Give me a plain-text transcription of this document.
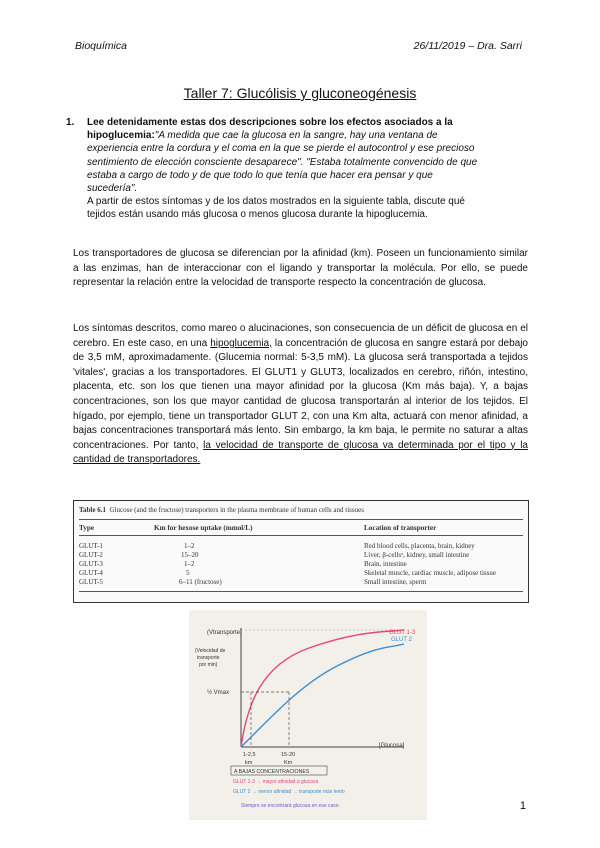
Bioquímica	26/11/2019 – Dra. Sarri
Taller 7: Glucólisis y gluconeogénesis
1. Lee detenidamente estas dos descripciones sobre los efectos asociados a la
hipoglucemia:"A medida que cae la glucosa en la sangre, hay una ventana de
experiencia entre la cordura y el coma en la que se pierde el autocontrol y ese precioso
sentimiento de elección consciente desaparece". "Estaba totalmente convencido de que
estaba a cargo de todo y de que todo lo que tenía que hacer era pensar y que
sucedería".
A partir de estos síntomas y de los datos mostrados en la siguiente tabla, discute qué
tejidos están usando más glucosa o menos glucosa durante la hipoglucemia.
Los transportadores de glucosa se diferencian por la afinidad (km). Poseen un funcionamiento similar a las enzimas, han de interaccionar con el ligando y transportar la molécula. Por ello, se puede representar la relación entre la velocidad de transporte respecto la concentración de glucosa.
Los síntomas descritos, como mareo o alucinaciones, son consecuencia de un déficit de glucosa en el cerebro. En este caso, en una hipoglucemia, la concentración de glucosa en sangre estará por debajo de 3,5 mM, aproximadamente. (Glucemia normal: 5-3,5 mM). La glucosa será transportada a tejidos 'vitales', gracias a los transportadores. El GLUT1 y GLUT3, localizados en cerebro, riñón, intestino, placenta, etc. son los que tienen una mayor afinidad por la glucosa (Km más baja). Y, a bajas concentraciones, son los que mayor cantidad de glucosa transportarán al interior de los tejidos. El hígado, por ejemplo, tiene un transportador GLUT 2, con una Km alta, actuará con menor afinidad, a bajas concentraciones transportará más lento. Sin embargo, la km baja, le permite no saturar a altas concentraciones. Por tanto, la velocidad de transporte de glucosa va determinada por el tipo y la cantidad de transportadores.
Table 6.1 Glucose (and the fructose) transporters in the plasma membrane of human cells and tissues
Type	Km for hexose uptake (mmol/L)	Location of transporter
GLUT-1	1–2	Red blood cells, placenta, brain, kidney
GLUT-2	15–20	Liver, β-cellsᵃ, kidney, small intestine
GLUT-3	1–2	Brain, intestine
GLUT-4	5	Skeletal muscle, cardiac muscle, adipose tissue
GLUT-5	6–11 (fructose)	Small intestine, sperm
(Vtransporte)
(Velocidad de
transporte
por min)
½ Vmax
[Glucosa]
1-2,5	15-20
km	Km
GLUT 1-3
GLUT 2
A BAJAS CONCENTRACIONES
GLUT 1-3 → mayor afinidad a glucosa
GLUT 2 → menor afinidad → transporte más lento
Siempre se encontrará glucosa en ese caso.	1
